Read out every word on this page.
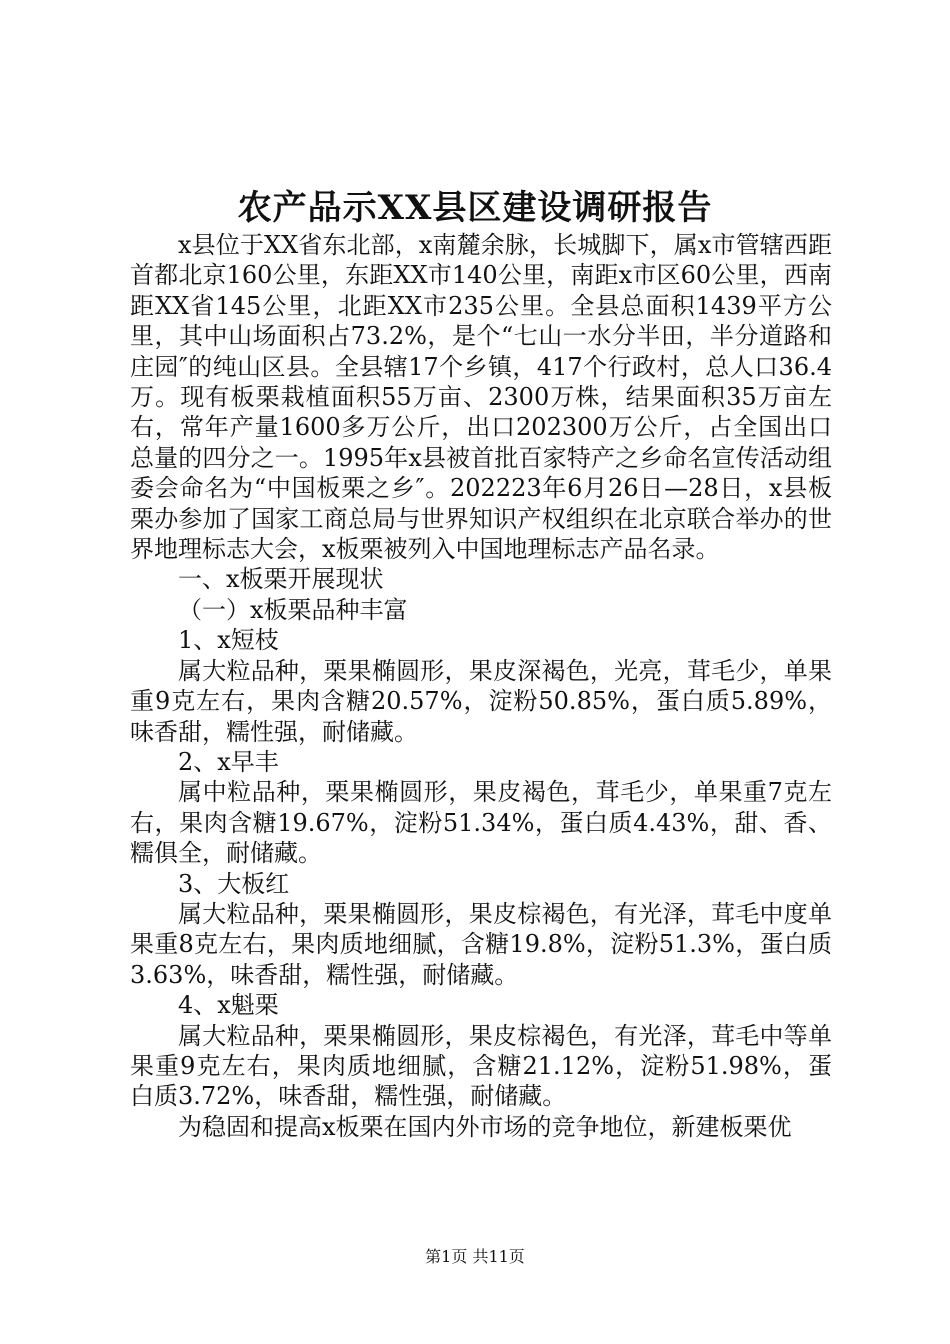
农产品示XX县区建设调研报告

x县位于XX省东北部，x南麓余脉，长城脚下，属x市管辖西距首都北京160公里，东距XX市140公里，南距x市区60公里，西南距XX省145公里，北距XX市235公里。全县总面积1439平方公里，其中山场面积占73.2%，是个“七山一水分半田，半分道路和庄园″的纯山区县。全县辖17个乡镇，417个行政村，总人口36.4万。现有板栗栽植面积55万亩、2300万株，结果面积35万亩左右，常年产量1600多万公斤，出口202300万公斤，占全国出口总量的四分之一。1995年x县被首批百家特产之乡命名宣传活动组委会命名为“中国板栗之乡″。202223年6月26日—28日，x县板栗办参加了国家工商总局与世界知识产权组织在北京联合举办的世界地理标志大会，x板栗被列入中国地理标志产品名录。

一、x板栗开展现状

（一）x板栗品种丰富

1、x短枝

属大粒品种，栗果椭圆形，果皮深褐色，光亮，茸毛少，单果重9克左右，果肉含糖20.57%，淀粉50.85%，蛋白质5.89%，味香甜，糯性强，耐储藏。

2、x早丰

属中粒品种，栗果椭圆形，果皮褐色，茸毛少，单果重7克左右，果肉含糖19.67%，淀粉51.34%，蛋白质4.43%，甜、香、糯俱全，耐储藏。

3、大板红

属大粒品种，栗果椭圆形，果皮棕褐色，有光泽，茸毛中度单果重8克左右，果肉质地细腻，含糖19.8%，淀粉51.3%，蛋白质3.63%，味香甜，糯性强，耐储藏。

4、x魁栗

属大粒品种，栗果椭圆形，果皮棕褐色，有光泽，茸毛中等单果重9克左右，果肉质地细腻，含糖21.12%，淀粉51.98%，蛋白质3.72%，味香甜，糯性强，耐储藏。

为稳固和提高x板栗在国内外市场的竞争地位，新建板栗优

第1页 共11页
